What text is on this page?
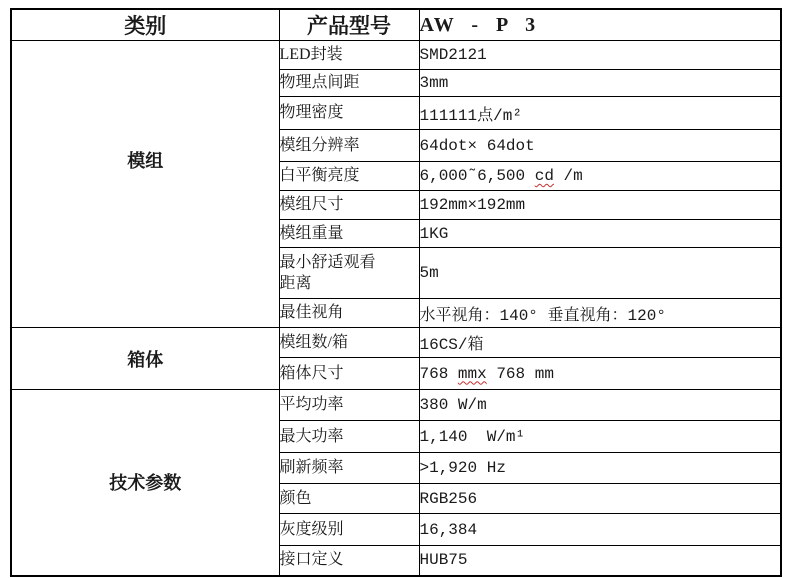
类别	产品型号	AW - P 3
模组	LED封装	SMD2121
	物理点间距	3mm
	物理密度	111111点/m²
	模组分辨率	64dot× 64dot
	白平衡亮度	6,000˜6,500 cd /m
	模组尺寸	192mm×192mm
	模组重量	1KG
	最小舒适观看距离	5m
	最佳视角	水平视角：140° 垂直视角：120°
箱体	模组数/箱	16CS/箱
	箱体尺寸	768 mmx 768 mm
技术参数	平均功率	380 W/m
	最大功率	1,140  W/m¹
	刷新频率	>1,920 Hz
	颜色	RGB256
	灰度级别	16,384
	接口定义	HUB75
